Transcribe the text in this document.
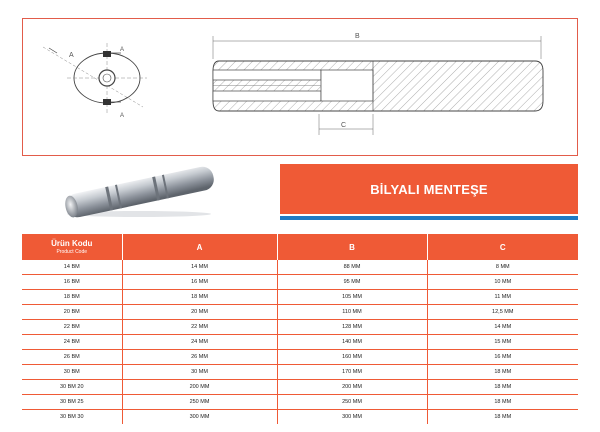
A
A
A
B
C
BİLYALI MENTEŞE
Ürün Kodu
Product Code	A	B	C
14 BM	14 MM	88 MM	8 MM
16 BM	16 MM	95 MM	10 MM
18 BM	18 MM	105 MM	11 MM
20 BM	20 MM	110 MM	12,5 MM
22 BM	22 MM	128 MM	14 MM
24 BM	24 MM	140 MM	15 MM
26 BM	26 MM	160 MM	16 MM
30 BM	30 MM	170 MM	18 MM
30 BM 20	200 MM	200 MM	18 MM
30 BM 25	250 MM	250 MM	18 MM
30 BM 30	300 MM	300 MM	18 MM
